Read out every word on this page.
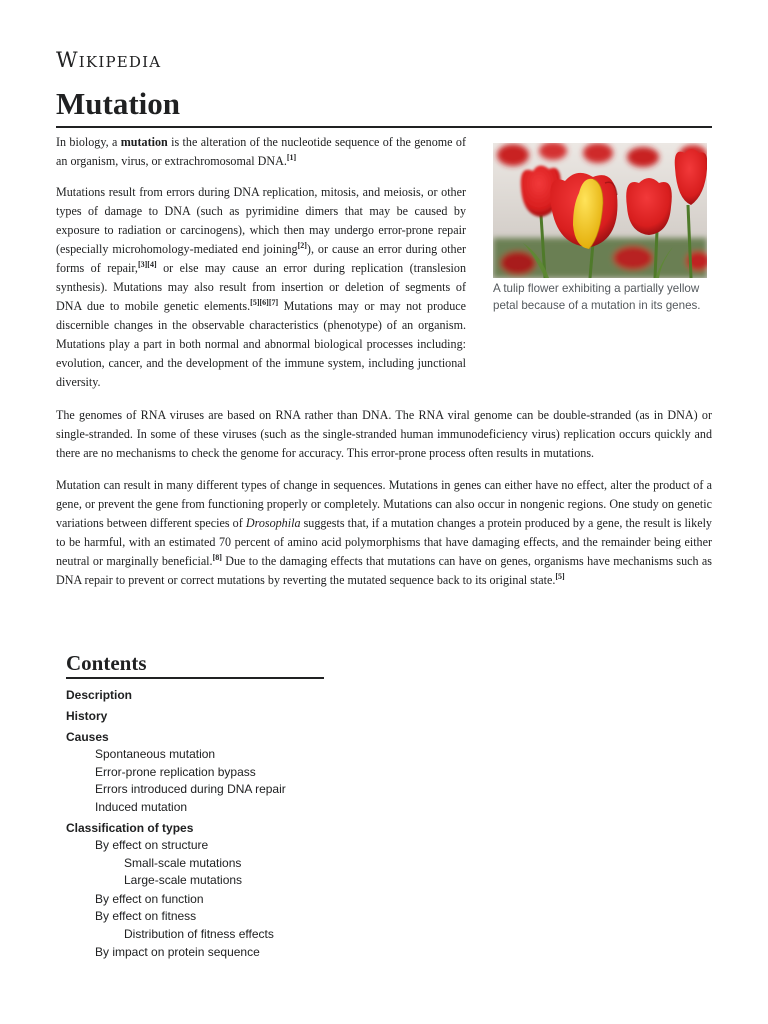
Wikipedia
Mutation

In biology, a mutation is the alteration of the nucleotide sequence of the genome of an organism, virus, or extrachromosomal DNA.[1]

Mutations result from errors during DNA replication, mitosis, and meiosis, or other types of damage to DNA (such as pyrimidine dimers that may be caused by exposure to radiation or carcinogens), which then may undergo error-prone repair (especially microhomology-mediated end joining[2]), or cause an error during other forms of repair,[3][4] or else may cause an error during replication (translesion synthesis). Mutations may also result from insertion or deletion of segments of DNA due to mobile genetic elements.[5][6][7] Mutations may or may not produce discernible changes in the observable characteristics (phenotype) of an organism. Mutations play a part in both normal and abnormal biological processes including: evolution, cancer, and the development of the immune system, including junctional diversity.

A tulip flower exhibiting a partially yellow petal because of a mutation in its genes.

The genomes of RNA viruses are based on RNA rather than DNA. The RNA viral genome can be double-stranded (as in DNA) or single-stranded. In some of these viruses (such as the single-stranded human immunodeficiency virus) replication occurs quickly and there are no mechanisms to check the genome for accuracy. This error-prone process often results in mutations.

Mutation can result in many different types of change in sequences. Mutations in genes can either have no effect, alter the product of a gene, or prevent the gene from functioning properly or completely. Mutations can also occur in nongenic regions. One study on genetic variations between different species of Drosophila suggests that, if a mutation changes a protein produced by a gene, the result is likely to be harmful, with an estimated 70 percent of amino acid polymorphisms that have damaging effects, and the remainder being either neutral or marginally beneficial.[8] Due to the damaging effects that mutations can have on genes, organisms have mechanisms such as DNA repair to prevent or correct mutations by reverting the mutated sequence back to its original state.[5]

Contents
Description
History
Causes
Spontaneous mutation
Error-prone replication bypass
Errors introduced during DNA repair
Induced mutation
Classification of types
By effect on structure
Small-scale mutations
Large-scale mutations
By effect on function
By effect on fitness
Distribution of fitness effects
By impact on protein sequence
